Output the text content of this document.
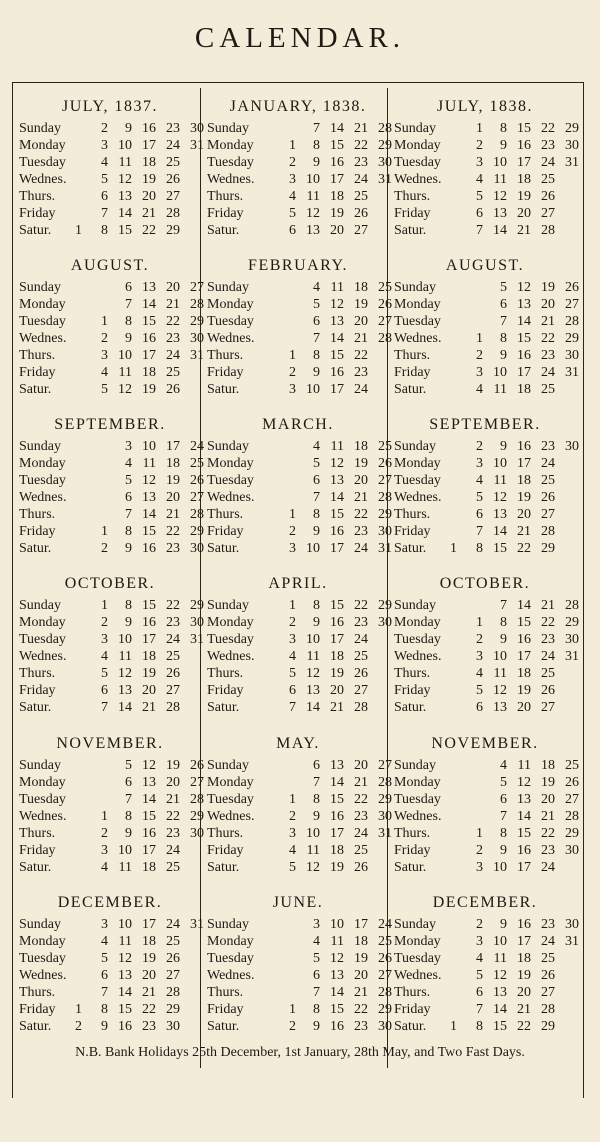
CALENDAR.
JULY, 1837.
Sunday	2	9 16 23 30
Monday	3 10 17 24 31
Tuesday	4 11 18 25
Wednes.	5 12 19 26
Thurs.	6 13 20 27
Friday	7 14 21 28
Satur.	1	8 15 22 29
AUGUST.
Sunday	6 13 20 27
Monday	7 14 21 28
Tuesday	1	8 15 22 29
Wednes.	2	9 16 23 30
Thurs.	3 10 17 24 31
Friday	4 11 18 25
Satur.	5 12 19 26
SEPTEMBER.
Sunday	3 10 17 24
Monday	4 11 18 25
Tuesday	5 12 19 26
Wednes.	6 13 20 27
Thurs.	7 14 21 28
Friday	1	8 15 22 29
Satur.	2	9 16 23 30
OCTOBER.
Sunday	1	8 15 22 29
Monday	2	9 16 23 30
Tuesday	3 10 17 24 31
Wednes.	4 11 18 25
Thurs.	5 12 19 26
Friday	6 13 20 27
Satur.	7 14 21 28
NOVEMBER.
Sunday	5 12 19 26
Monday	6 13 20 27
Tuesday	7 14 21 28
Wednes.	1	8 15 22 29
Thurs.	2	9 16 23 30
Friday	3 10 17 24
Satur.	4 11 18 25
DECEMBER.
Sunday	3 10 17 24 31
Monday	4 11 18 25
Tuesday	5 12 19 26
Wednes.	6 13 20 27
Thurs.	7 14 21 28
Friday	1	8 15 22 29
Satur.	2	9 16 23 30
JANUARY, 1838.
Sunday	7 14 21 28
Monday	1	8 15 22 29
Tuesday	2	9 16 23 30
Wednes.	3 10 17 24 31
Thurs.	4 11 18 25
Friday	5 12 19 26
Satur.	6 13 20 27
FEBRUARY.
Sunday	4 11 18 25
Monday	5 12 19 26
Tuesday	6 13 20 27
Wednes.	7 14 21 28
Thurs.	1	8 15 22
Friday	2	9 16 23
Satur.	3 10 17 24
MARCH.
Sunday	4 11 18 25
Monday	5 12 19 26
Tuesday	6 13 20 27
Wednes.	7 14 21 28
Thurs.	1	8 15 22 29
Friday	2	9 16 23 30
Satur.	3 10 17 24 31
APRIL.
Sunday	1	8 15 22 29
Monday	2	9 16 23 30
Tuesday	3 10 17 24
Wednes.	4 11 18 25
Thurs.	5 12 19 26
Friday	6 13 20 27
Satur.	7 14 21 28
MAY.
Sunday	6 13 20 27
Monday	7 14 21 28
Tuesday	1	8 15 22 29
Wednes.	2	9 16 23 30
Thurs.	3 10 17 24 31
Friday	4 11 18 25
Satur.	5 12 19 26
JUNE.
Sunday	3 10 17 24
Monday	4 11 18 25
Tuesday	5 12 19 26
Wednes.	6 13 20 27
Thurs.	7 14 21 28
Friday	1	8 15 22 29
Satur.	2	9 16 23 30
JULY, 1838.
Sunday	1	8 15 22 29
Monday	2	9 16 23 30
Tuesday	3 10 17 24 31
Wednes.	4 11 18 25
Thurs.	5 12 19 26
Friday	6 13 20 27
Satur.	7 14 21 28
AUGUST.
Sunday	5 12 19 26
Monday	6 13 20 27
Tuesday	7 14 21 28
Wednes.	1	8 15 22 29
Thurs.	2	9 16 23 30
Friday	3 10 17 24 31
Satur.	4 11 18 25
SEPTEMBER.
Sunday	2	9 16 23 30
Monday	3 10 17 24
Tuesday	4 11 18 25
Wednes.	5 12 19 26
Thurs.	6 13 20 27
Friday	7 14 21 28
Satur.	1	8 15 22 29
OCTOBER.
Sunday	7 14 21 28
Monday	1	8 15 22 29
Tuesday	2	9 16 23 30
Wednes.	3 10 17 24 31
Thurs.	4 11 18 25
Friday	5 12 19 26
Satur.	6 13 20 27
NOVEMBER.
Sunday	4 11 18 25
Monday	5 12 19 26
Tuesday	6 13 20 27
Wednes.	7 14 21 28
Thurs.	1	8 15 22 29
Friday	2	9 16 23 30
Satur.	3 10 17 24
DECEMBER.
Sunday	2	9 16 23 30
Monday	3 10 17 24 31
Tuesday	4 11 18 25
Wednes.	5 12 19 26
Thurs.	6 13 20 27
Friday	7 14 21 28
Satur.	1	8 15 22 29
N.B. Bank Holidays 25th December, 1st January, 28th May, and Two Fast Days.
